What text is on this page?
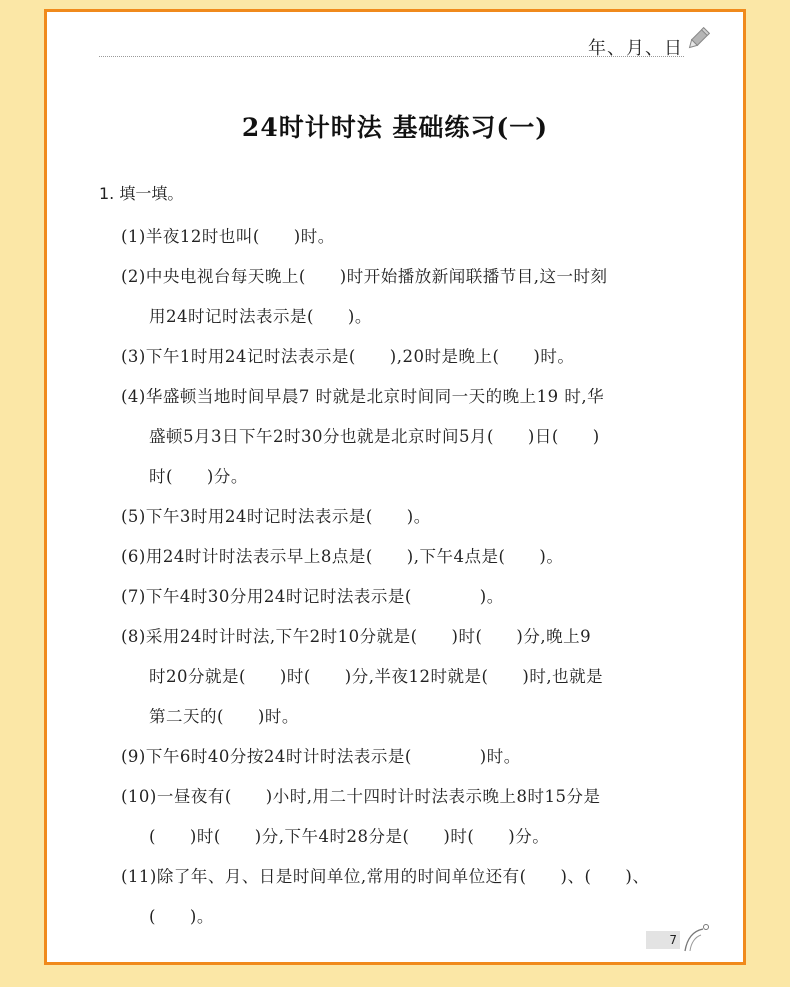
年、月、日
24时计时法 基础练习(一)
1. 填一填。
(1)半夜12时也叫(　　)时。
(2)中央电视台每天晚上(　　)时开始播放新闻联播节目,这一时刻
用24时记时法表示是(　　)。
(3)下午1时用24记时法表示是(　　),20时是晚上(　　)时。
(4)华盛顿当地时间早晨7 时就是北京时间同一天的晚上19 时,华
盛顿5月3日下午2时30分也就是北京时间5月(　　)日(　　)
时(　　)分。
(5)下午3时用24时记时法表示是(　　)。
(6)用24时计时法表示早上8点是(　　),下午4点是(　　)。
(7)下午4时30分用24时记时法表示是(　　　　)。
(8)采用24时计时法,下午2时10分就是(　　)时(　　)分,晚上9
时20分就是(　　)时(　　)分,半夜12时就是(　　)时,也就是
第二天的(　　)时。
(9)下午6时40分按24时计时法表示是(　　　　)时。
(10)一昼夜有(　　)小时,用二十四时计时法表示晚上8时15分是
(　　)时(　　)分,下午4时28分是(　　)时(　　)分。
(11)除了年、月、日是时间单位,常用的时间单位还有(　　)、(　　)、
(　　)。
7
